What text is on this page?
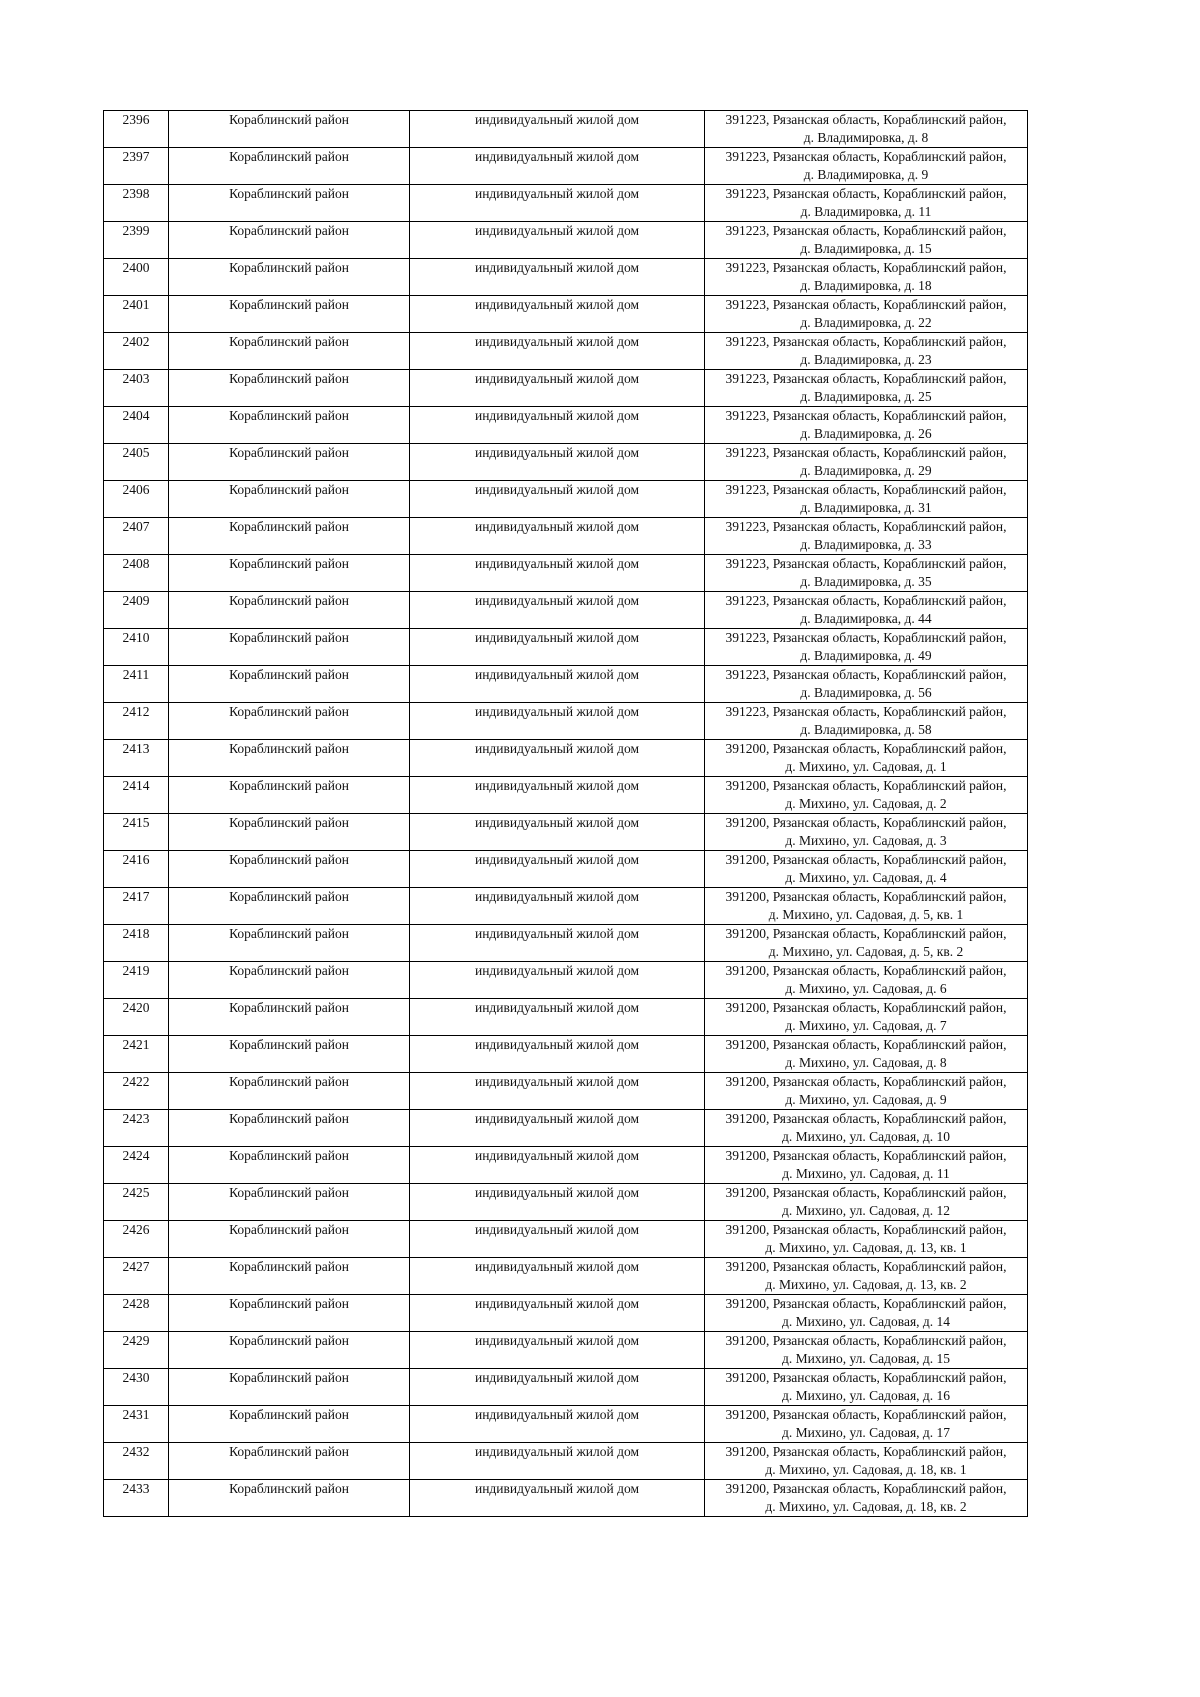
2396	Кораблинский район	индивидуальный жилой дом	391223, Рязанская область, Кораблинский район,
д. Владимировка, д. 8

2397	Кораблинский район	индивидуальный жилой дом	391223, Рязанская область, Кораблинский район,
д. Владимировка, д. 9

2398	Кораблинский район	индивидуальный жилой дом	391223, Рязанская область, Кораблинский район,
д. Владимировка, д. 11

2399	Кораблинский район	индивидуальный жилой дом	391223, Рязанская область, Кораблинский район,
д. Владимировка, д. 15

2400	Кораблинский район	индивидуальный жилой дом	391223, Рязанская область, Кораблинский район,
д. Владимировка, д. 18

2401	Кораблинский район	индивидуальный жилой дом	391223, Рязанская область, Кораблинский район,
д. Владимировка, д. 22

2402	Кораблинский район	индивидуальный жилой дом	391223, Рязанская область, Кораблинский район,
д. Владимировка, д. 23

2403	Кораблинский район	индивидуальный жилой дом	391223, Рязанская область, Кораблинский район,
д. Владимировка, д. 25

2404	Кораблинский район	индивидуальный жилой дом	391223, Рязанская область, Кораблинский район,
д. Владимировка, д. 26

2405	Кораблинский район	индивидуальный жилой дом	391223, Рязанская область, Кораблинский район,
д. Владимировка, д. 29

2406	Кораблинский район	индивидуальный жилой дом	391223, Рязанская область, Кораблинский район,
д. Владимировка, д. 31

2407	Кораблинский район	индивидуальный жилой дом	391223, Рязанская область, Кораблинский район,
д. Владимировка, д. 33

2408	Кораблинский район	индивидуальный жилой дом	391223, Рязанская область, Кораблинский район,
д. Владимировка, д. 35

2409	Кораблинский район	индивидуальный жилой дом	391223, Рязанская область, Кораблинский район,
д. Владимировка, д. 44

2410	Кораблинский район	индивидуальный жилой дом	391223, Рязанская область, Кораблинский район,
д. Владимировка, д. 49

2411	Кораблинский район	индивидуальный жилой дом	391223, Рязанская область, Кораблинский район,
д. Владимировка, д. 56

2412	Кораблинский район	индивидуальный жилой дом	391223, Рязанская область, Кораблинский район,
д. Владимировка, д. 58

2413	Кораблинский район	индивидуальный жилой дом	391200, Рязанская область, Кораблинский район,
д. Михино, ул. Садовая, д. 1

2414	Кораблинский район	индивидуальный жилой дом	391200, Рязанская область, Кораблинский район,
д. Михино, ул. Садовая, д. 2

2415	Кораблинский район	индивидуальный жилой дом	391200, Рязанская область, Кораблинский район,
д. Михино, ул. Садовая, д. 3

2416	Кораблинский район	индивидуальный жилой дом	391200, Рязанская область, Кораблинский район,
д. Михино, ул. Садовая, д. 4

2417	Кораблинский район	индивидуальный жилой дом	391200, Рязанская область, Кораблинский район,
д. Михино, ул. Садовая, д. 5, кв. 1

2418	Кораблинский район	индивидуальный жилой дом	391200, Рязанская область, Кораблинский район,
д. Михино, ул. Садовая, д. 5, кв. 2

2419	Кораблинский район	индивидуальный жилой дом	391200, Рязанская область, Кораблинский район,
д. Михино, ул. Садовая, д. 6

2420	Кораблинский район	индивидуальный жилой дом	391200, Рязанская область, Кораблинский район,
д. Михино, ул. Садовая, д. 7

2421	Кораблинский район	индивидуальный жилой дом	391200, Рязанская область, Кораблинский район,
д. Михино, ул. Садовая, д. 8

2422	Кораблинский район	индивидуальный жилой дом	391200, Рязанская область, Кораблинский район,
д. Михино, ул. Садовая, д. 9

2423	Кораблинский район	индивидуальный жилой дом	391200, Рязанская область, Кораблинский район,
д. Михино, ул. Садовая, д. 10

2424	Кораблинский район	индивидуальный жилой дом	391200, Рязанская область, Кораблинский район,
д. Михино, ул. Садовая, д. 11

2425	Кораблинский район	индивидуальный жилой дом	391200, Рязанская область, Кораблинский район,
д. Михино, ул. Садовая, д. 12

2426	Кораблинский район	индивидуальный жилой дом	391200, Рязанская область, Кораблинский район,
д. Михино, ул. Садовая, д. 13, кв. 1

2427	Кораблинский район	индивидуальный жилой дом	391200, Рязанская область, Кораблинский район,
д. Михино, ул. Садовая, д. 13, кв. 2

2428	Кораблинский район	индивидуальный жилой дом	391200, Рязанская область, Кораблинский район,
д. Михино, ул. Садовая, д. 14

2429	Кораблинский район	индивидуальный жилой дом	391200, Рязанская область, Кораблинский район,
д. Михино, ул. Садовая, д. 15

2430	Кораблинский район	индивидуальный жилой дом	391200, Рязанская область, Кораблинский район,
д. Михино, ул. Садовая, д. 16

2431	Кораблинский район	индивидуальный жилой дом	391200, Рязанская область, Кораблинский район,
д. Михино, ул. Садовая, д. 17

2432	Кораблинский район	индивидуальный жилой дом	391200, Рязанская область, Кораблинский район,
д. Михино, ул. Садовая, д. 18, кв. 1

2433	Кораблинский район	индивидуальный жилой дом	391200, Рязанская область, Кораблинский район,
д. Михино, ул. Садовая, д. 18, кв. 2
